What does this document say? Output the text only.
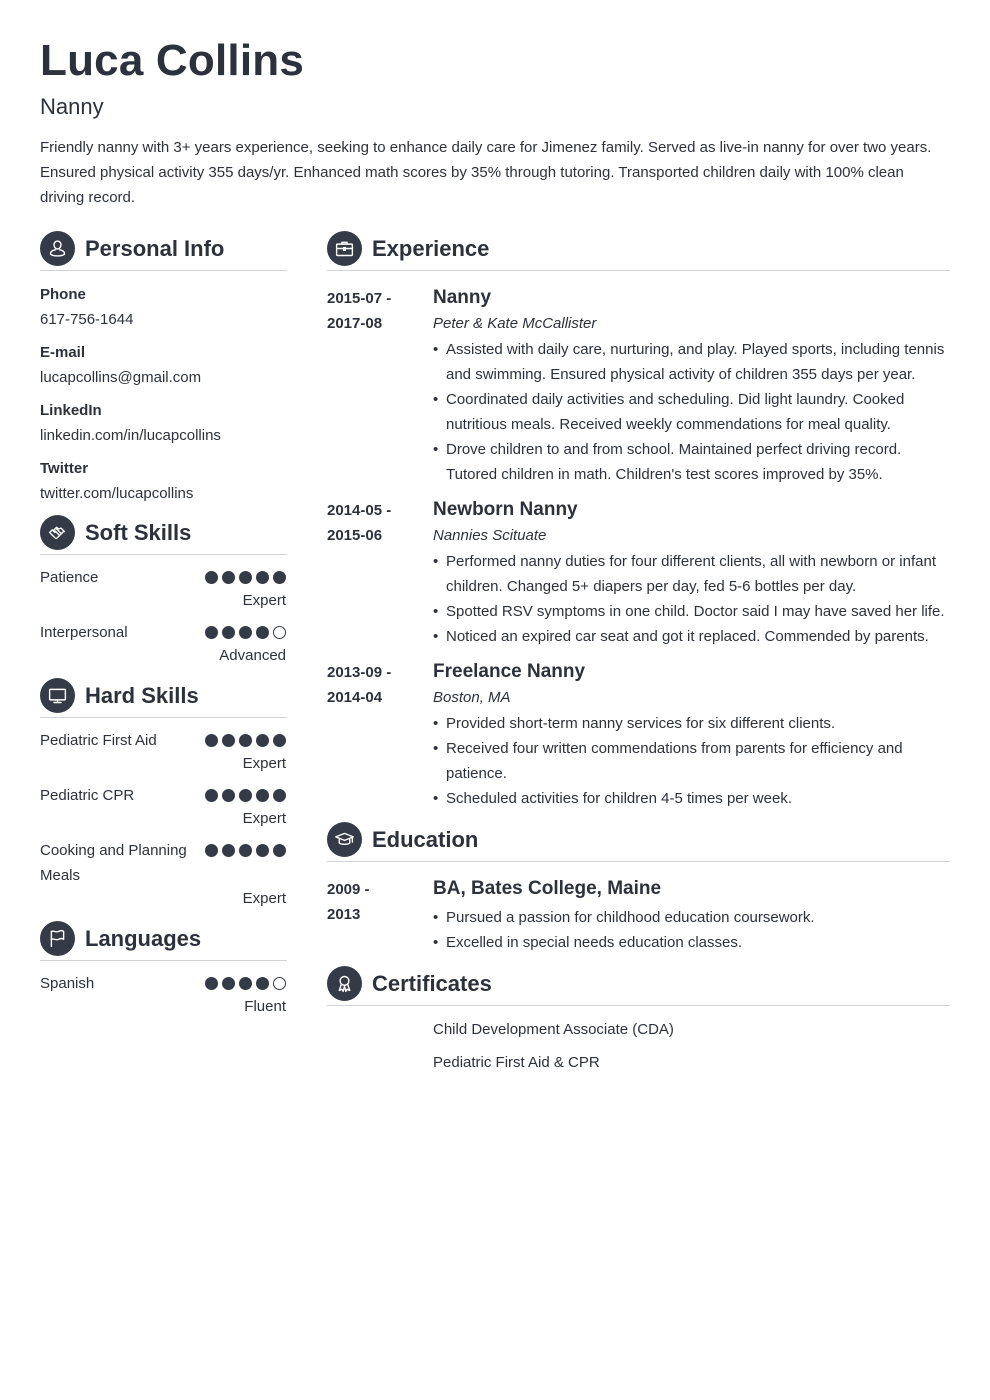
Luca Collins
Nanny
Friendly nanny with 3+ years experience, seeking to enhance daily care for Jimenez family. Served as live-in nanny for over two years. Ensured physical activity 355 days/yr. Enhanced math scores by 35% through tutoring. Transported children daily with 100% clean driving record.
Personal Info
Phone
617-756-1644
E-mail
lucapcollins@gmail.com
LinkedIn
linkedin.com/in/lucapcollins
Twitter
twitter.com/lucapcollins
Soft Skills
Patience
Expert
Interpersonal
Advanced
Hard Skills
Pediatric First Aid
Expert
Pediatric CPR
Expert
Cooking and Planning Meals
Expert
Languages
Spanish
Fluent
Experience
2015-07 - 2017-08
Nanny
Peter & Kate McCallister
• Assisted with daily care, nurturing, and play. Played sports, including tennis and swimming. Ensured physical activity of children 355 days per year.
• Coordinated daily activities and scheduling. Did light laundry. Cooked nutritious meals. Received weekly commendations for meal quality.
• Drove children to and from school. Maintained perfect driving record. Tutored children in math. Children's test scores improved by 35%.
2014-05 - 2015-06
Newborn Nanny
Nannies Scituate
• Performed nanny duties for four different clients, all with newborn or infant children. Changed 5+ diapers per day, fed 5-6 bottles per day.
• Spotted RSV symptoms in one child. Doctor said I may have saved her life.
• Noticed an expired car seat and got it replaced. Commended by parents.
2013-09 - 2014-04
Freelance Nanny
Boston, MA
• Provided short-term nanny services for six different clients.
• Received four written commendations from parents for efficiency and patience.
• Scheduled activities for children 4-5 times per week.
Education
2009 - 2013
BA, Bates College, Maine
• Pursued a passion for childhood education coursework.
• Excelled in special needs education classes.
Certificates
Child Development Associate (CDA)
Pediatric First Aid & CPR
